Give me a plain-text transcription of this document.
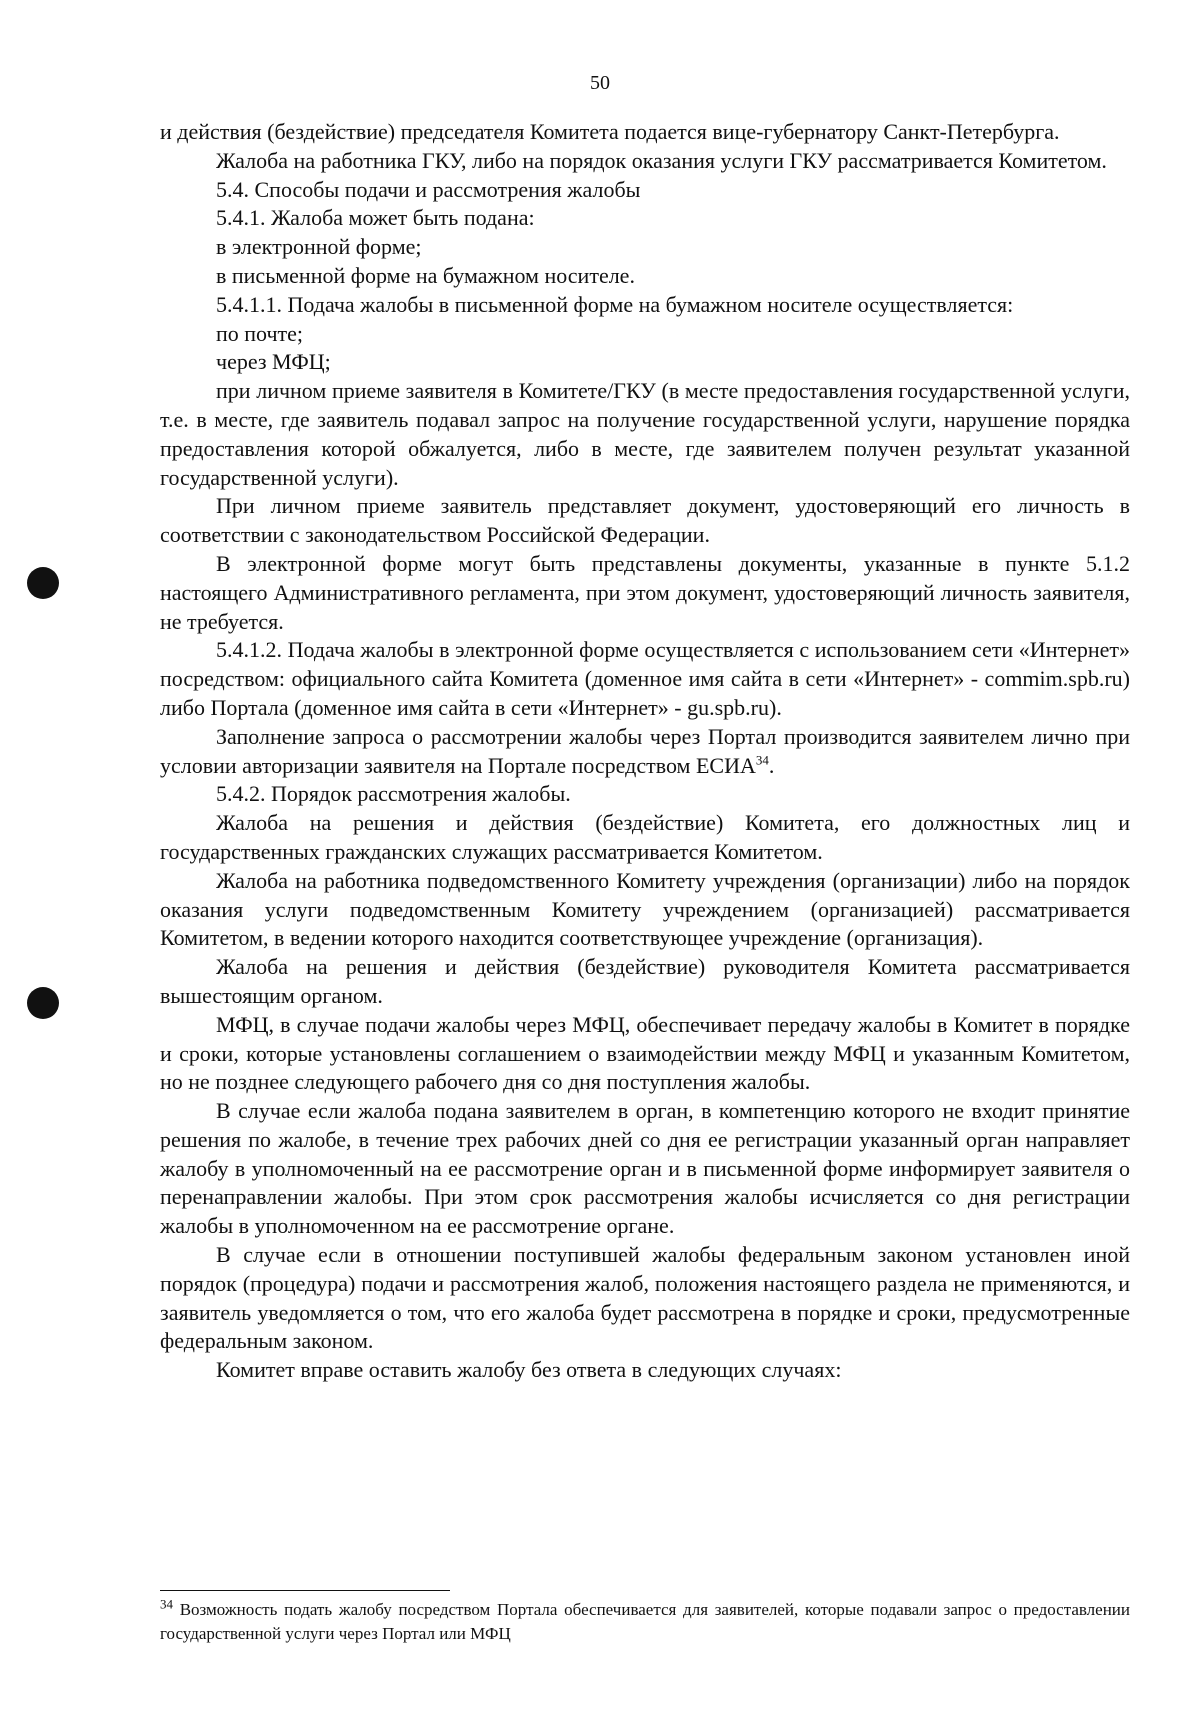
50

и действия (бездействие) председателя Комитета подается вице-губернатору Санкт-Петербурга.

Жалоба на работника ГКУ, либо на порядок оказания услуги ГКУ рассматривается Комитетом.

5.4. Способы подачи и рассмотрения жалобы

5.4.1. Жалоба может быть подана:

в электронной форме;

в письменной форме на бумажном носителе.

5.4.1.1. Подача жалобы в письменной форме на бумажном носителе осуществляется:

по почте;

через МФЦ;

при личном приеме заявителя в Комитете/ГКУ (в месте предоставления государственной услуги, т.е. в месте, где заявитель подавал запрос на получение государственной услуги, нарушение порядка предоставления которой обжалуется, либо в месте, где заявителем получен результат указанной государственной услуги).

При личном приеме заявитель представляет документ, удостоверяющий его личность в соответствии с законодательством Российской Федерации.

В электронной форме могут быть представлены документы, указанные в пункте 5.1.2 настоящего Административного регламента, при этом документ, удостоверяющий личность заявителя, не требуется.

5.4.1.2. Подача жалобы в электронной форме осуществляется с использованием сети «Интернет» посредством: официального сайта Комитета (доменное имя сайта в сети «Интернет» - commim.spb.ru) либо Портала (доменное имя сайта в сети «Интернет» - gu.spb.ru).

Заполнение запроса о рассмотрении жалобы через Портал производится заявителем лично при условии авторизации заявителя на Портале посредством ЕСИА$^{34}$.

5.4.2. Порядок рассмотрения жалобы.

Жалоба на решения и действия (бездействие) Комитета, его должностных лиц и государственных гражданских служащих рассматривается Комитетом.

Жалоба на работника подведомственного Комитету учреждения (организации) либо на порядок оказания услуги подведомственным Комитету учреждением (организацией) рассматривается Комитетом, в ведении которого находится соответствующее учреждение (организация).

Жалоба на решения и действия (бездействие) руководителя Комитета рассматривается вышестоящим органом.

МФЦ, в случае подачи жалобы через МФЦ, обеспечивает передачу жалобы в Комитет в порядке и сроки, которые установлены соглашением о взаимодействии между МФЦ и указанным Комитетом, но не позднее следующего рабочего дня со дня поступления жалобы.

В случае если жалоба подана заявителем в орган, в компетенцию которого не входит принятие решения по жалобе, в течение трех рабочих дней со дня ее регистрации указанный орган направляет жалобу в уполномоченный на ее рассмотрение орган и в письменной форме информирует заявителя о перенаправлении жалобы. При этом срок рассмотрения жалобы исчисляется со дня регистрации жалобы в уполномоченном на ее рассмотрение органе.

В случае если в отношении поступившей жалобы федеральным законом установлен иной порядок (процедура) подачи и рассмотрения жалоб, положения настоящего раздела не применяются, и заявитель уведомляется о том, что его жалоба будет рассмотрена в порядке и сроки, предусмотренные федеральным законом.

Комитет вправе оставить жалобу без ответа в следующих случаях:

$^{34}$ Возможность подать жалобу посредством Портала обеспечивается для заявителей, которые подавали запрос о предоставлении государственной услуги через Портал или МФЦ
